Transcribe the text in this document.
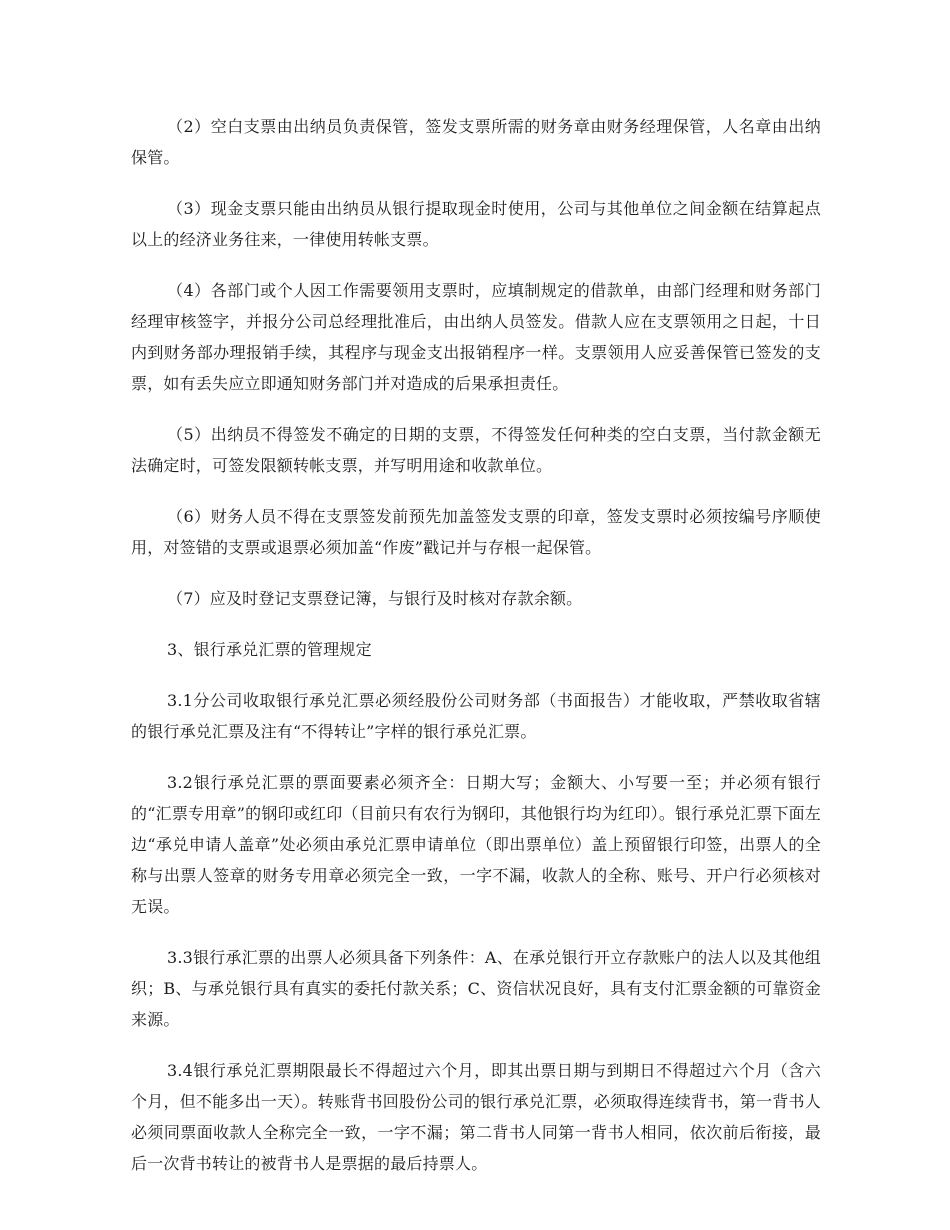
（2）空白支票由出纳员负责保管，签发支票所需的财务章由财务经理保管，人名章由出纳保管。

（3）现金支票只能由出纳员从银行提取现金时使用，公司与其他单位之间金额在结算起点以上的经济业务往来，一律使用转帐支票。

（4）各部门或个人因工作需要领用支票时，应填制规定的借款单，由部门经理和财务部门经理审核签字，并报分公司总经理批准后，由出纳人员签发。借款人应在支票领用之日起，十日内到财务部办理报销手续，其程序与现金支出报销程序一样。支票领用人应妥善保管已签发的支票，如有丢失应立即通知财务部门并对造成的后果承担责任。

（5）出纳员不得签发不确定的日期的支票，不得签发任何种类的空白支票，当付款金额无法确定时，可签发限额转帐支票，并写明用途和收款单位。

（6）财务人员不得在支票签发前预先加盖签发支票的印章，签发支票时必须按编号序顺使用，对签错的支票或退票必须加盖“作废”戳记并与存根一起保管。

（7）应及时登记支票登记簿，与银行及时核对存款余额。

3、银行承兑汇票的管理规定

3.1分公司收取银行承兑汇票必须经股份公司财务部（书面报告）才能收取，严禁收取省辖的银行承兑汇票及注有“不得转让”字样的银行承兑汇票。

3.2银行承兑汇票的票面要素必须齐全：日期大写；金额大、小写要一至；并必须有银行的“汇票专用章”的钢印或红印（目前只有农行为钢印，其他银行均为红印）。银行承兑汇票下面左边“承兑申请人盖章”处必须由承兑汇票申请单位（即出票单位）盖上预留银行印签，出票人的全称与出票人签章的财务专用章必须完全一致，一字不漏，收款人的全称、账号、开户行必须核对无误。

3.3银行承汇票的出票人必须具备下列条件：A、在承兑银行开立存款账户的法人以及其他组织；B、与承兑银行具有真实的委托付款关系；C、资信状况良好，具有支付汇票金额的可靠资金来源。

3.4银行承兑汇票期限最长不得超过六个月，即其出票日期与到期日不得超过六个月（含六个月，但不能多出一天）。转账背书回股份公司的银行承兑汇票，必须取得连续背书，第一背书人必须同票面收款人全称完全一致，一字不漏；第二背书人同第一背书人相同，依次前后衔接，最后一次背书转让的被背书人是票据的最后持票人。
